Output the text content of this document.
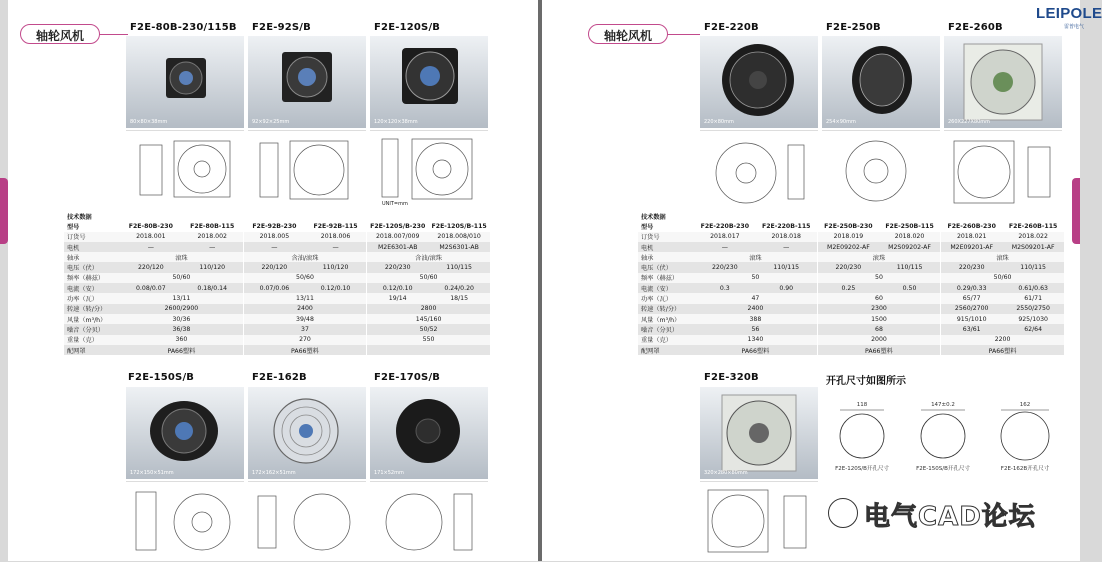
轴轮风机
F2E-80B-230/115B F2E-92S/B	F2E-120S/B
80×80×38mm	92×92×25mm	120×120×38mm
UNIT=mm
技术数据						
型号	F2E-80B-230	F2E-80B-115	F2E-92B-230	F2E-92B-115	F2E-120S/B-230	F2E-120S/B-115
订货号	2018.001	2018.002	2018.005	2018.006	2018.007/009	2018.008/010
电机	—	—	—	—	M2E6301-AB	M2S6301-AB
轴承	滚珠		含油/滚珠		含油/滚珠	
电压（伏）	220/120	110/120	220/120	110/120	220/230	110/115
频率（赫兹）	50/60		50/60		50/60	
电流（安）	0.08/0.07	0.18/0.14	0.07/0.06	0.12/0.10	0.12/0.10	0.24/0.20
功率（瓦）	13/11		13/11		19/14	18/15
转速（转/分）	2600/2900		2400		2800	
风量（m³/h）	30/36		39/48		145/160	
噪音（分贝）	36/38		37		50/52	
重量（克）	360		270		550	
配网罩	PA66塑料		PA66塑料			
F2E-150S/B	F2E-162B	F2E-170S/B
172×150×51mm	172×162×51mm	171×52mm
轴轮风机
LEIPOLE
雷普电气
F2E-220B	F2E-250B	F2E-260B
220×80mm	254×90mm	260X227X80mm
技术数据						
型号	F2E-220B-230	F2E-220B-115	F2E-250B-230	F2E-250B-115	F2E-260B-230	F2E-260B-115
订货号	2018.017	2018.018	2018.019	2018.020	2018.021	2018.022
电机	—	—	M2E09202-AF	M2S09202-AF	M2E09201-AF	M2S09201-AF
轴承	滚珠		滚珠		滚珠	
电压（伏）	220/230	110/115	220/230	110/115	220/230	110/115
频率（赫兹）	50		50		50/60	
电流（安）	0.3	0.90	0.25	0.50	0.29/0.33	0.61/0.63
功率（瓦）	47		60		65/77	61/71
转速（转/分）	2400		2300		2560/2700	2550/2750
风量（m³/h）	388		1500		915/1010	925/1030
噪音（分贝）	56		68		63/61	62/64
重量（克）	1340		2000		2200	
配网罩	PA66塑料		PA66塑料		PA66塑料	
F2E-320B
320×280×80mm
开孔尺寸如图所示
118	147±0.2	162
F2E-120S/B开孔尺寸	F2E-150S/B开孔尺寸	F2E-162B开孔尺寸
电气CAD论坛
